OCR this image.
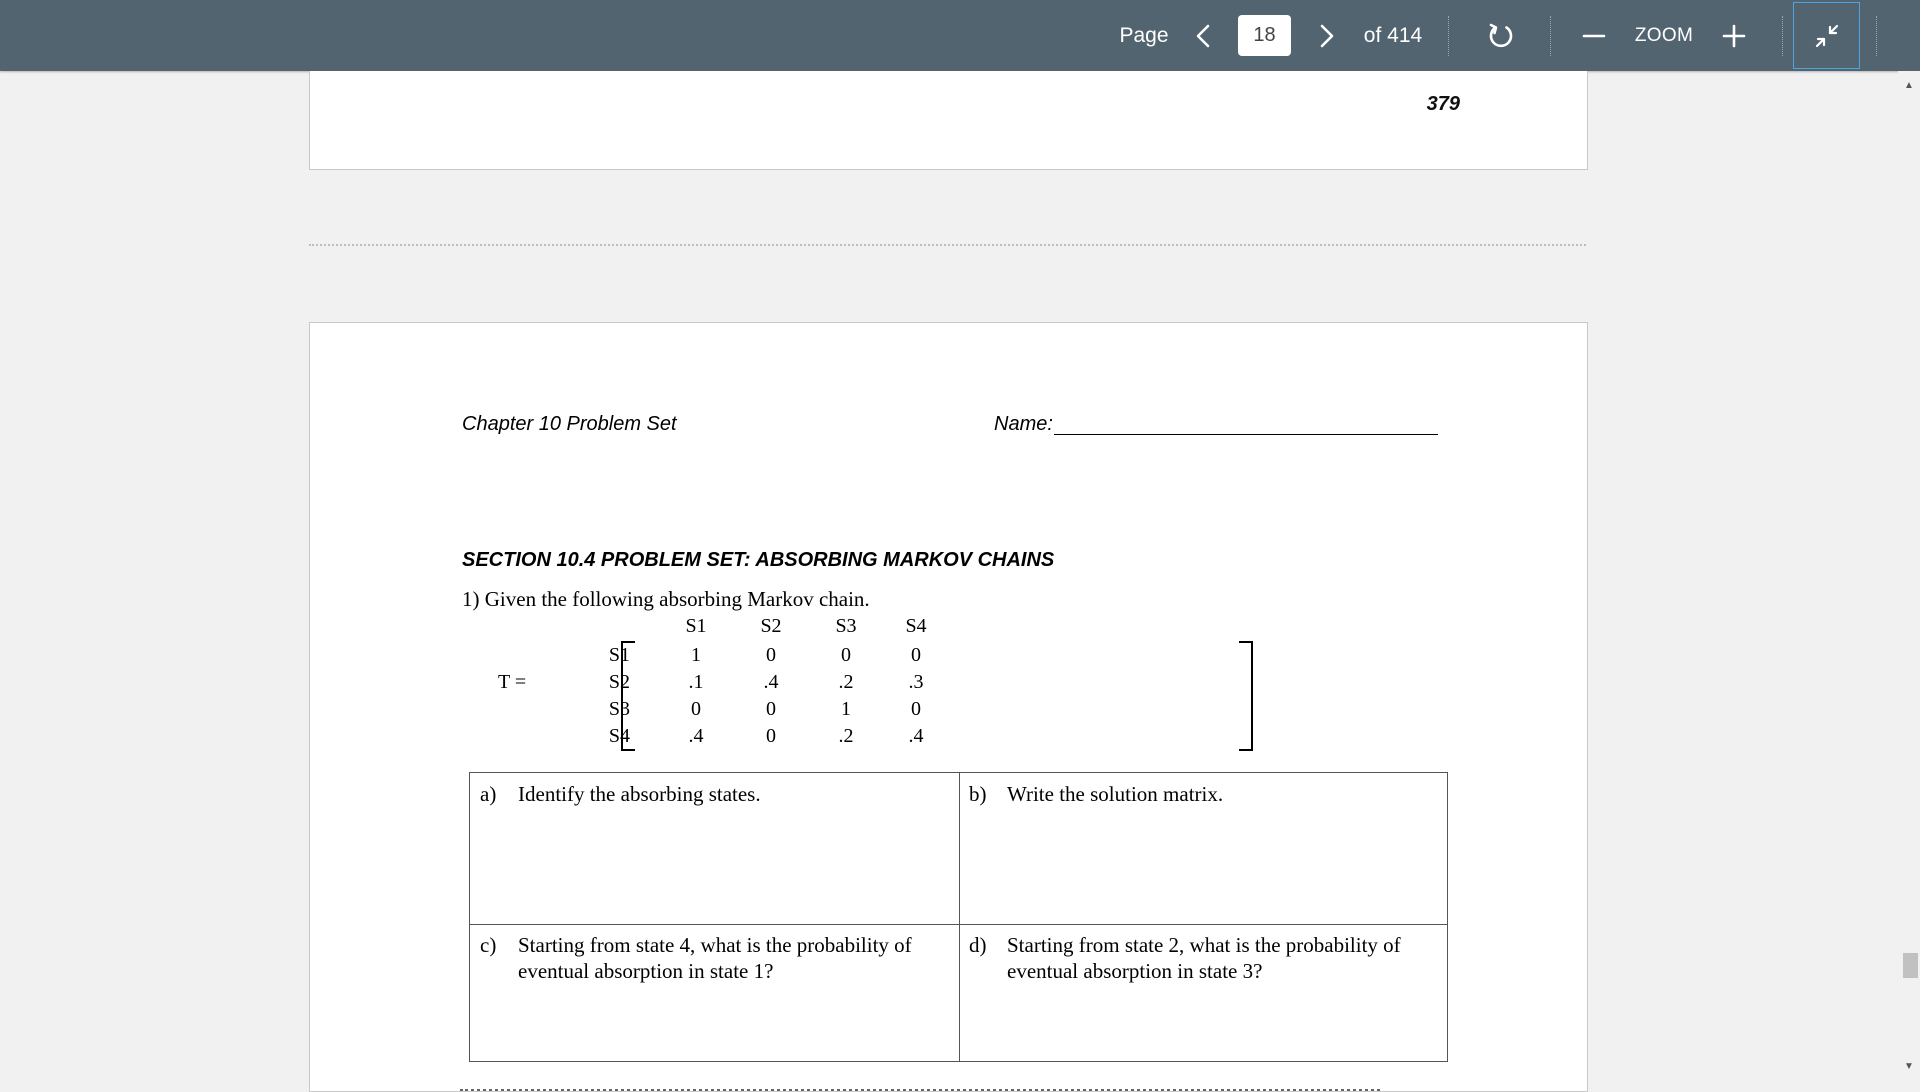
Page
18	of 414	ZOOM
379
Chapter 10 Problem Set	Name:
SECTION 10.4 PROBLEM SET: ABSORBING MARKOV CHAINS
1) Given the following absorbing Markov chain.
S1	S2	S3	S4
T =
S1	1	0	0	0
S2	.1	.4	.2	.3
S3	0	0	1	0
S4	.4	0	.2	.4
a) Identify the absorbing states.	b) Write the solution matrix.
c) Starting from state 4, what is the probability of eventual absorption in state 1?
d) Starting from state 2, what is the probability of eventual absorption in state 3?
▲
▼
